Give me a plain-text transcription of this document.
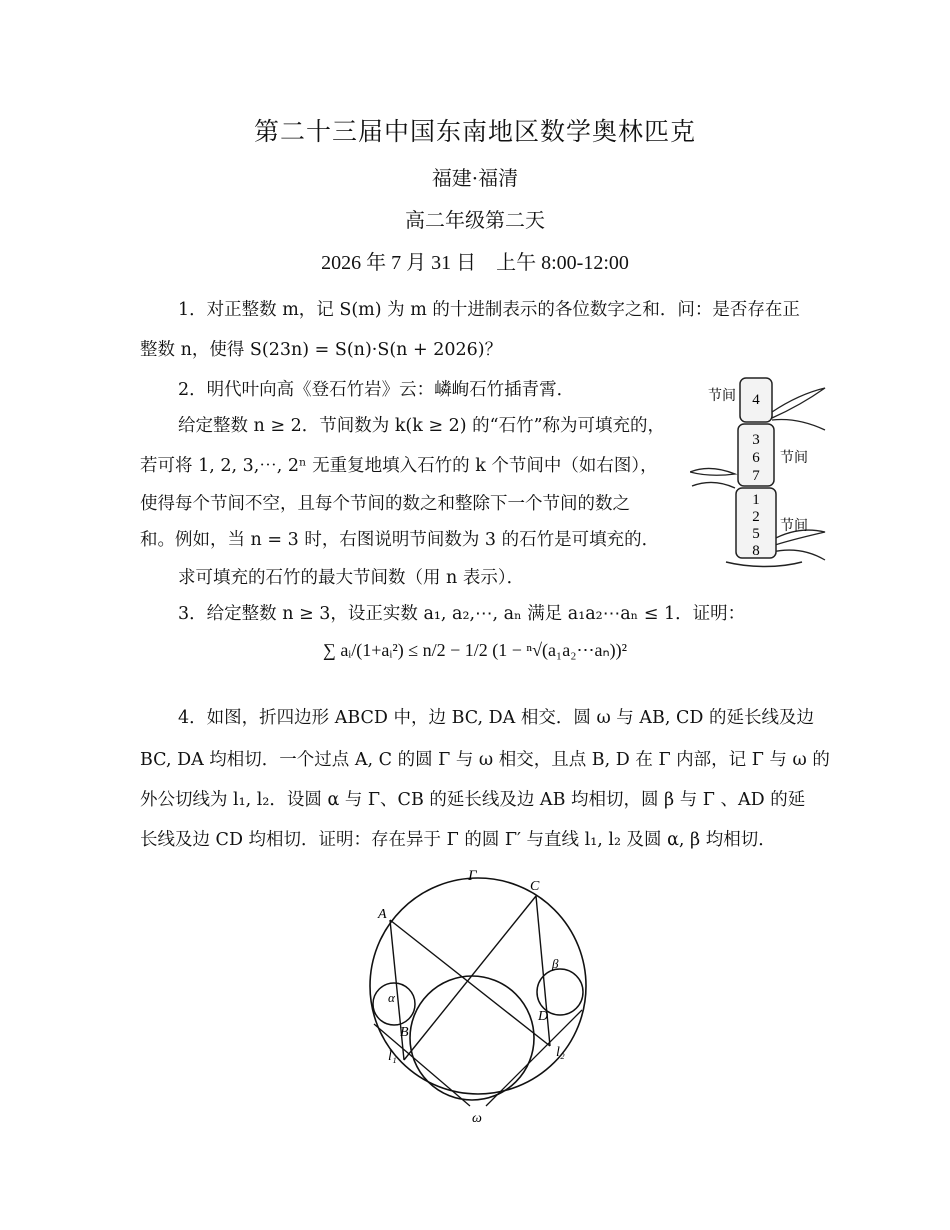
第二十三届中国东南地区数学奥林匹克
福建·福清
高二年级第二天
2026 年 7 月 31 日　上午 8:00-12:00
1．对正整数 m，记 S(m) 为 m 的十进制表示的各位数字之和．问：是否存在正
整数 n，使得 S(23n) = S(n)·S(n + 2026)？
2．明代叶向高《登石竹岩》云：嶙峋石竹插青霄．
给定整数 n ≥ 2．节间数为 k(k ≥ 2) 的“石竹”称为可填充的，
若可将 1, 2, 3,⋯, 2ⁿ 无重复地填入石竹的 k 个节间中（如右图），
使得每个节间不空，且每个节间的数之和整除下一个节间的数之
和。例如，当 n = 3 时，右图说明节间数为 3 的石竹是可填充的．
求可填充的石竹的最大节间数（用 n 表示）．
节间
节间
节间
4
3
6
7
1
2
5
8
3．给定整数 n ≥ 3，设正实数 a₁, a₂,⋯, aₙ 满足 a₁a₂⋯aₙ ≤ 1．证明：
∑ aᵢ/(1+aᵢ²) ≤ n/2 − 1/2 (1 − ⁿ√(a₁a₂⋯aₙ))²
4．如图，折四边形 ABCD 中，边 BC, DA 相交．圆 ω 与 AB, CD 的延长线及边
BC, DA 均相切．一个过点 A, C 的圆 Γ 与 ω 相交，且点 B, D 在 Γ 内部，记 Γ 与 ω 的
外公切线为 l₁, l₂．设圆 α 与 Γ、CB 的延长线及边 AB 均相切，圆 β 与 Γ 、AD 的延
长线及边 CD 均相切．证明：存在异于 Γ 的圆 Γ′ 与直线 l₁, l₂ 及圆 α, β 均相切．
Γ
A
C
B
D
α
β
l₁	l₂
ω
